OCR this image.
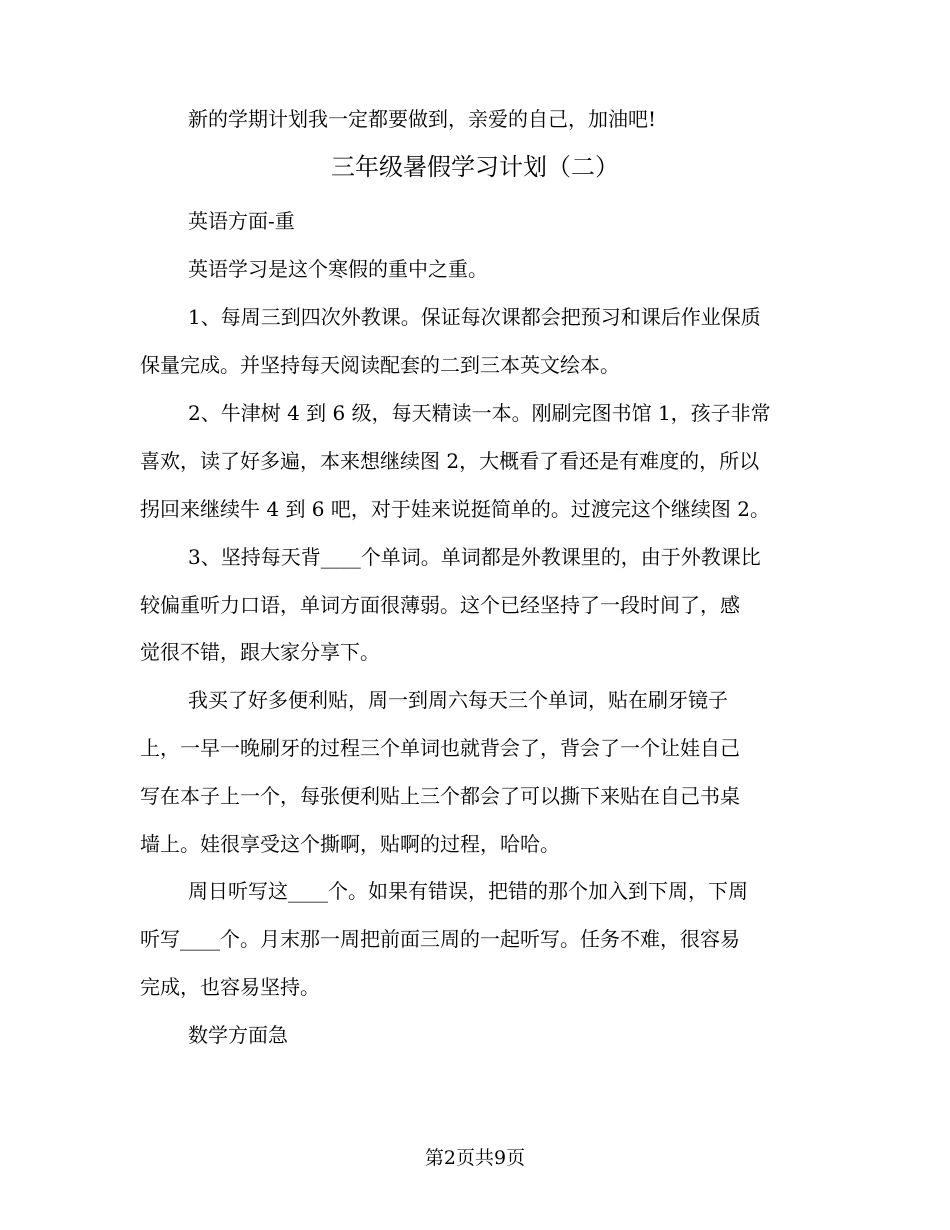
新的学期计划我一定都要做到，亲爱的自己，加油吧!
三年级暑假学习计划（二）
英语方面-重
英语学习是这个寒假的重中之重。
1、每周三到四次外教课。保证每次课都会把预习和课后作业保质
保量完成。并坚持每天阅读配套的二到三本英文绘本。
2、牛津树 4 到 6 级，每天精读一本。刚刷完图书馆 1，孩子非常
喜欢，读了好多遍，本来想继续图 2，大概看了看还是有难度的，所以
拐回来继续牛 4 到 6 吧，对于娃来说挺简单的。过渡完这个继续图 2。
3、坚持每天背____个单词。单词都是外教课里的，由于外教课比
较偏重听力口语，单词方面很薄弱。这个已经坚持了一段时间了，感
觉很不错，跟大家分享下。
我买了好多便利贴，周一到周六每天三个单词，贴在刷牙镜子
上，一早一晚刷牙的过程三个单词也就背会了，背会了一个让娃自己
写在本子上一个，每张便利贴上三个都会了可以撕下来贴在自己书桌
墙上。娃很享受这个撕啊，贴啊的过程，哈哈。
周日听写这____个。如果有错误，把错的那个加入到下周，下周
听写____个。月末那一周把前面三周的一起听写。任务不难，很容易
完成，也容易坚持。
数学方面急
第2页共9页
